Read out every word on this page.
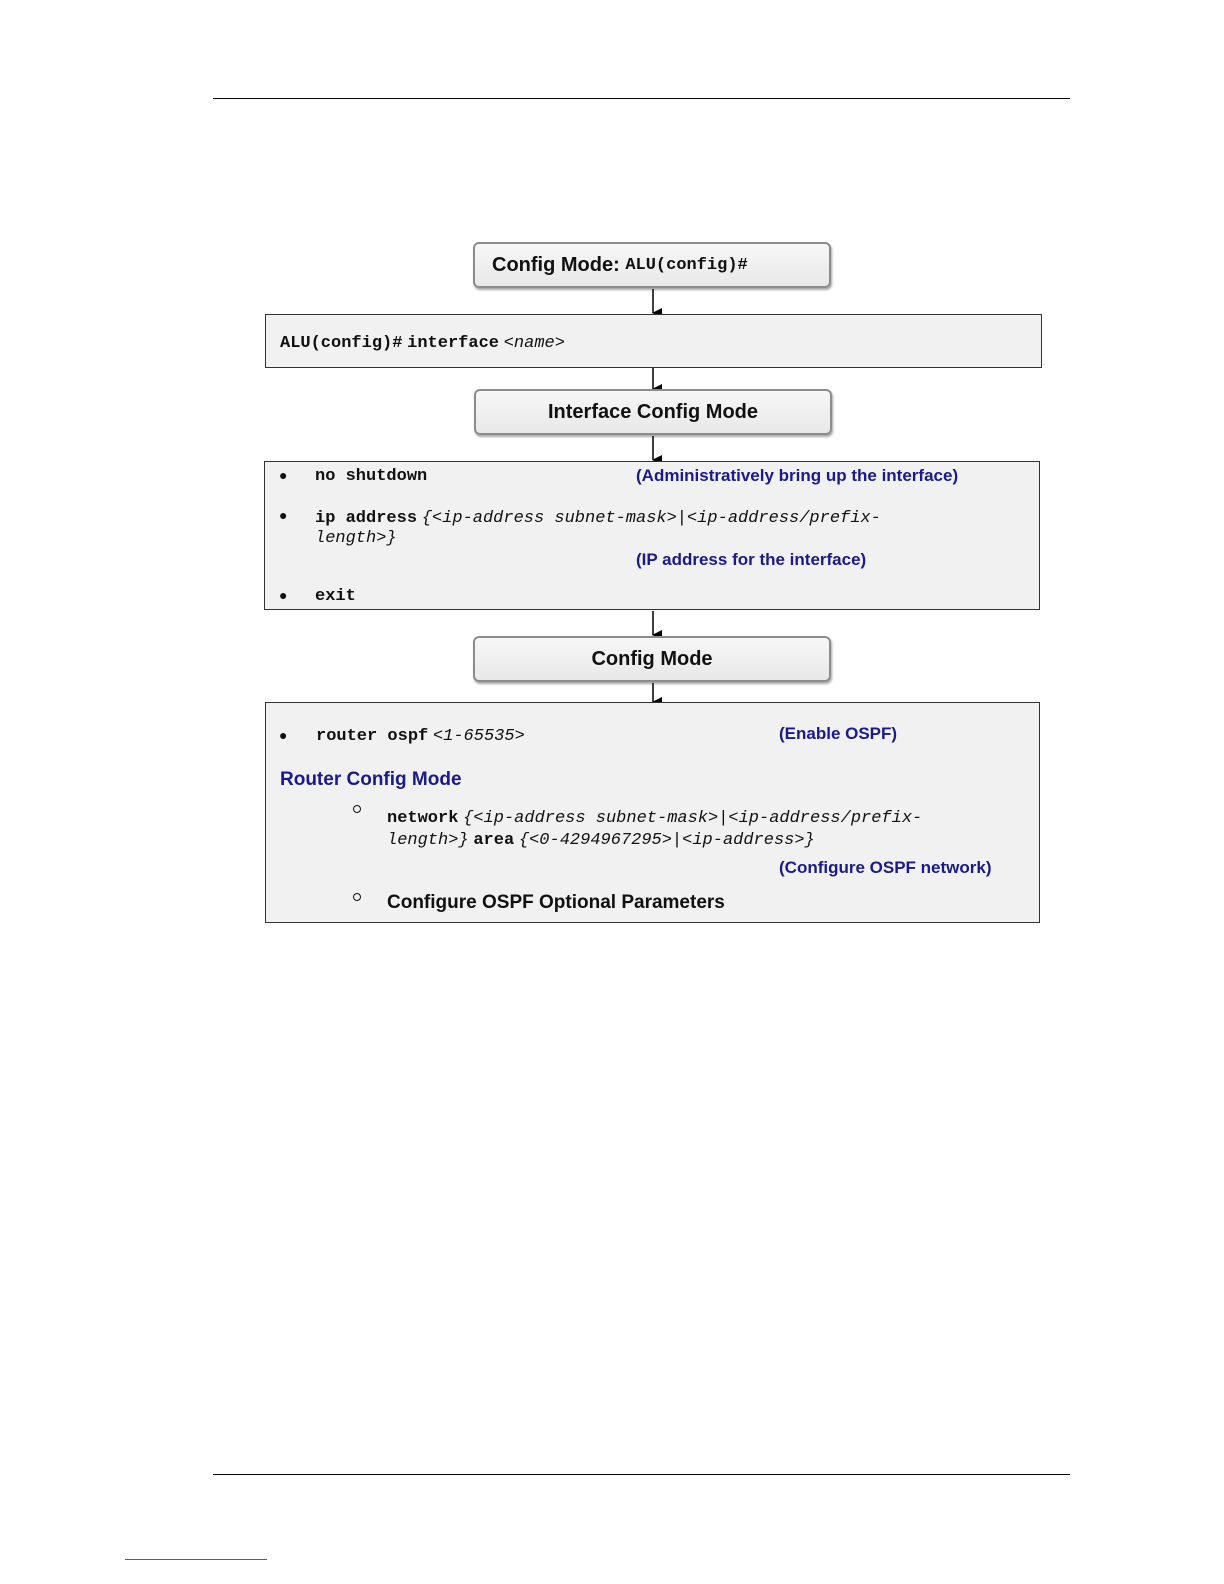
Config Mode:
ALU(config)#
ALU(config)# interface <name>
Interface Config Mode
● no shutdown	(Administratively bring up the interface)
● ip address {<ip-address subnet-mask>|<ip-address/prefix-
length>}
(IP address for the interface)
● exit
Config Mode
● router ospf <1-65535>	(Enable OSPF)
Router Config Mode
network {<ip-address subnet-mask>|<ip-address/prefix-
length>} area {<0-4294967295>|<ip-address>}
(Configure OSPF network)
Configure OSPF Optional Parameters
